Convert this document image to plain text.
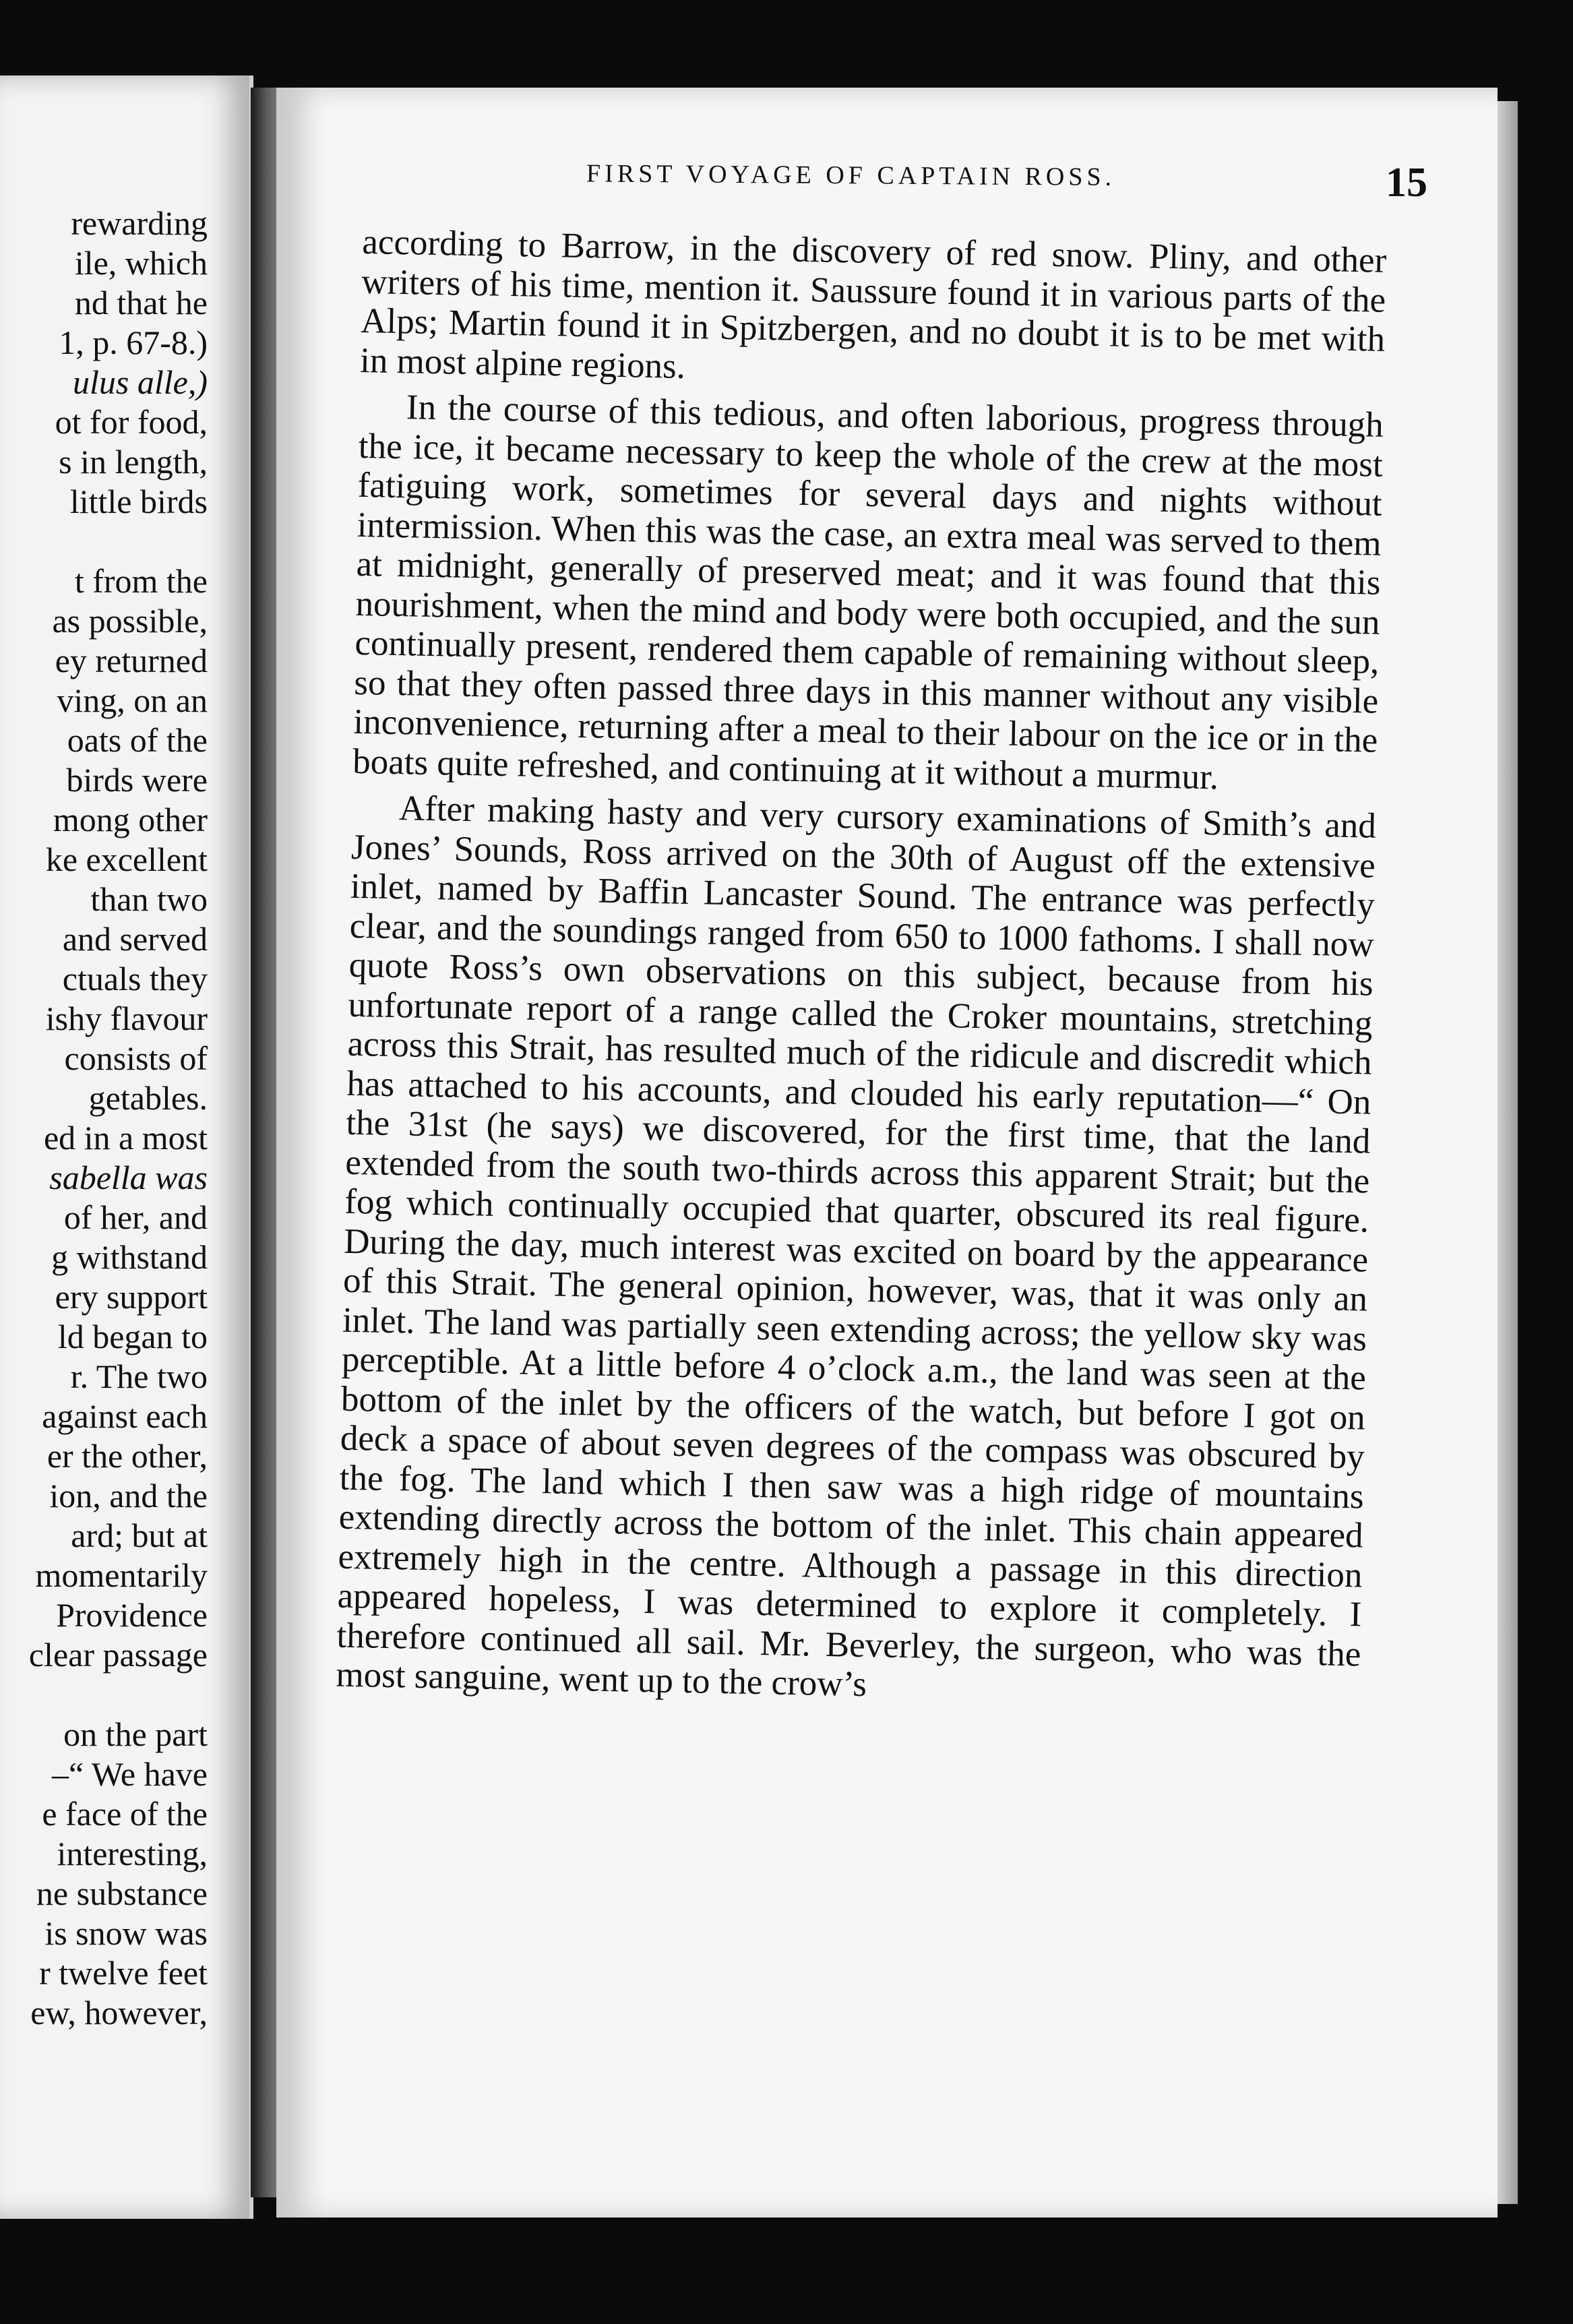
rewarding
ile, which
nd that he
1, p. 67-8.)
ulus alle,)
ot for food,
s in length,
little birds
t from the
as possible,
ey returned
ving, on an
oats of the
birds were
mong other
ke excellent
than two
and served
ctuals they
ishy flavour
consists of
getables.
ed in a most
sabella was
of her, and
g withstand
ery support
ld began to
r. The two
against each
er the other,
ion, and the
ard; but at
momentarily
Providence
clear passage
on the part
–“ We have
e face of the
interesting,
ne substance
is snow was
r twelve feet
ew, however,
FIRST VOYAGE OF CAPTAIN ROSS.	15

according to Barrow, in the discovery of red snow. Pliny, and other writers of his time, mention it. Saussure found it in various parts of the Alps; Martin found it in Spitzbergen, and no doubt it is to be met with in most alpine regions.

In the course of this tedious, and often laborious, progress through the ice, it became necessary to keep the whole of the crew at the most fatiguing work, sometimes for several days and nights without intermission. When this was the case, an extra meal was served to them at midnight, generally of preserved meat; and it was found that this nourishment, when the mind and body were both occupied, and the sun continually present, rendered them capable of remaining without sleep, so that they often passed three days in this manner without any visible inconvenience, returning after a meal to their labour on the ice or in the boats quite refreshed, and continuing at it without a murmur.

After making hasty and very cursory examinations of Smith’s and Jones’ Sounds, Ross arrived on the 30th of August off the extensive inlet, named by Baffin Lancaster Sound. The entrance was perfectly clear, and the soundings ranged from 650 to 1000 fathoms. I shall now quote Ross’s own observations on this subject, because from his unfortunate report of a range called the Croker mountains, stretching across this Strait, has resulted much of the ridicule and discredit which has attached to his accounts, and clouded his early reputation—“ On the 31st (he says) we discovered, for the first time, that the land extended from the south two-thirds across this apparent Strait; but the fog which continually occupied that quarter, obscured its real figure. During the day, much interest was excited on board by the appearance of this Strait. The general opinion, however, was, that it was only an inlet. The land was partially seen extending across; the yellow sky was perceptible. At a little before 4 o’clock a.m., the land was seen at the bottom of the inlet by the officers of the watch, but before I got on deck a space of about seven degrees of the compass was obscured by the fog. The land which I then saw was a high ridge of mountains extending directly across the bottom of the inlet. This chain appeared extremely high in the centre. Although a passage in this direction appeared hopeless, I was determined to explore it completely. I therefore continued all sail. Mr. Beverley, the surgeon, who was the most sanguine, went up to the crow’s
